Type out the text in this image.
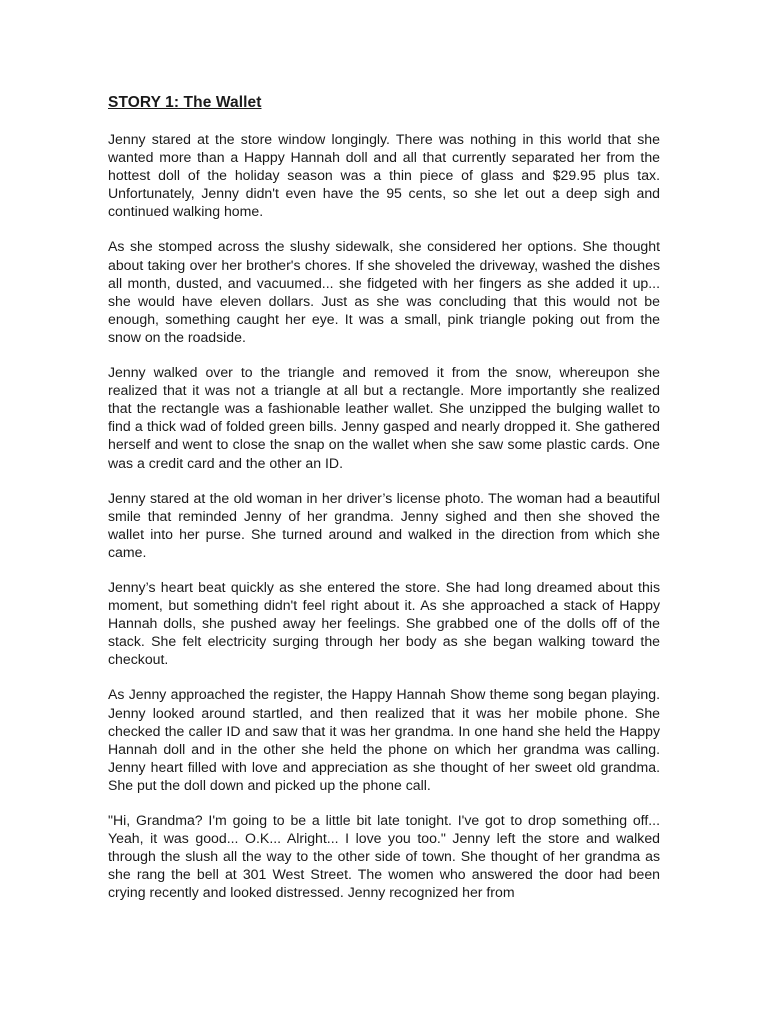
STORY 1: The Wallet

Jenny stared at the store window longingly. There was nothing in this world that she wanted more than a Happy Hannah doll and all that currently separated her from the hottest doll of the holiday season was a thin piece of glass and $29.95 plus tax. Unfortunately, Jenny didn't even have the 95 cents, so she let out a deep sigh and continued walking home.

As she stomped across the slushy sidewalk, she considered her options. She thought about taking over her brother's chores. If she shoveled the driveway, washed the dishes all month, dusted, and vacuumed... she fidgeted with her fingers as she added it up... she would have eleven dollars. Just as she was concluding that this would not be enough, something caught her eye. It was a small, pink triangle poking out from the snow on the roadside.

Jenny walked over to the triangle and removed it from the snow, whereupon she realized that it was not a triangle at all but a rectangle. More importantly she realized that the rectangle was a fashionable leather wallet. She unzipped the bulging wallet to find a thick wad of folded green bills. Jenny gasped and nearly dropped it. She gathered herself and went to close the snap on the wallet when she saw some plastic cards. One was a credit card and the other an ID.

Jenny stared at the old woman in her driver’s license photo. The woman had a beautiful smile that reminded Jenny of her grandma. Jenny sighed and then she shoved the wallet into her purse. She turned around and walked in the direction from which she came.

Jenny’s heart beat quickly as she entered the store. She had long dreamed about this moment, but something didn't feel right about it. As she approached a stack of Happy Hannah dolls, she pushed away her feelings. She grabbed one of the dolls off of the stack. She felt electricity surging through her body as she began walking toward the checkout.

As Jenny approached the register, the Happy Hannah Show theme song began playing. Jenny looked around startled, and then realized that it was her mobile phone. She checked the caller ID and saw that it was her grandma. In one hand she held the Happy Hannah doll and in the other she held the phone on which her grandma was calling. Jenny heart filled with love and appreciation as she thought of her sweet old grandma. She put the doll down and picked up the phone call.

"Hi, Grandma? I'm going to be a little bit late tonight. I've got to drop something off... Yeah, it was good... O.K... Alright... I love you too." Jenny left the store and walked through the slush all the way to the other side of town. She thought of her grandma as she rang the bell at 301 West Street. The women who answered the door had been crying recently and looked distressed. Jenny recognized her from
